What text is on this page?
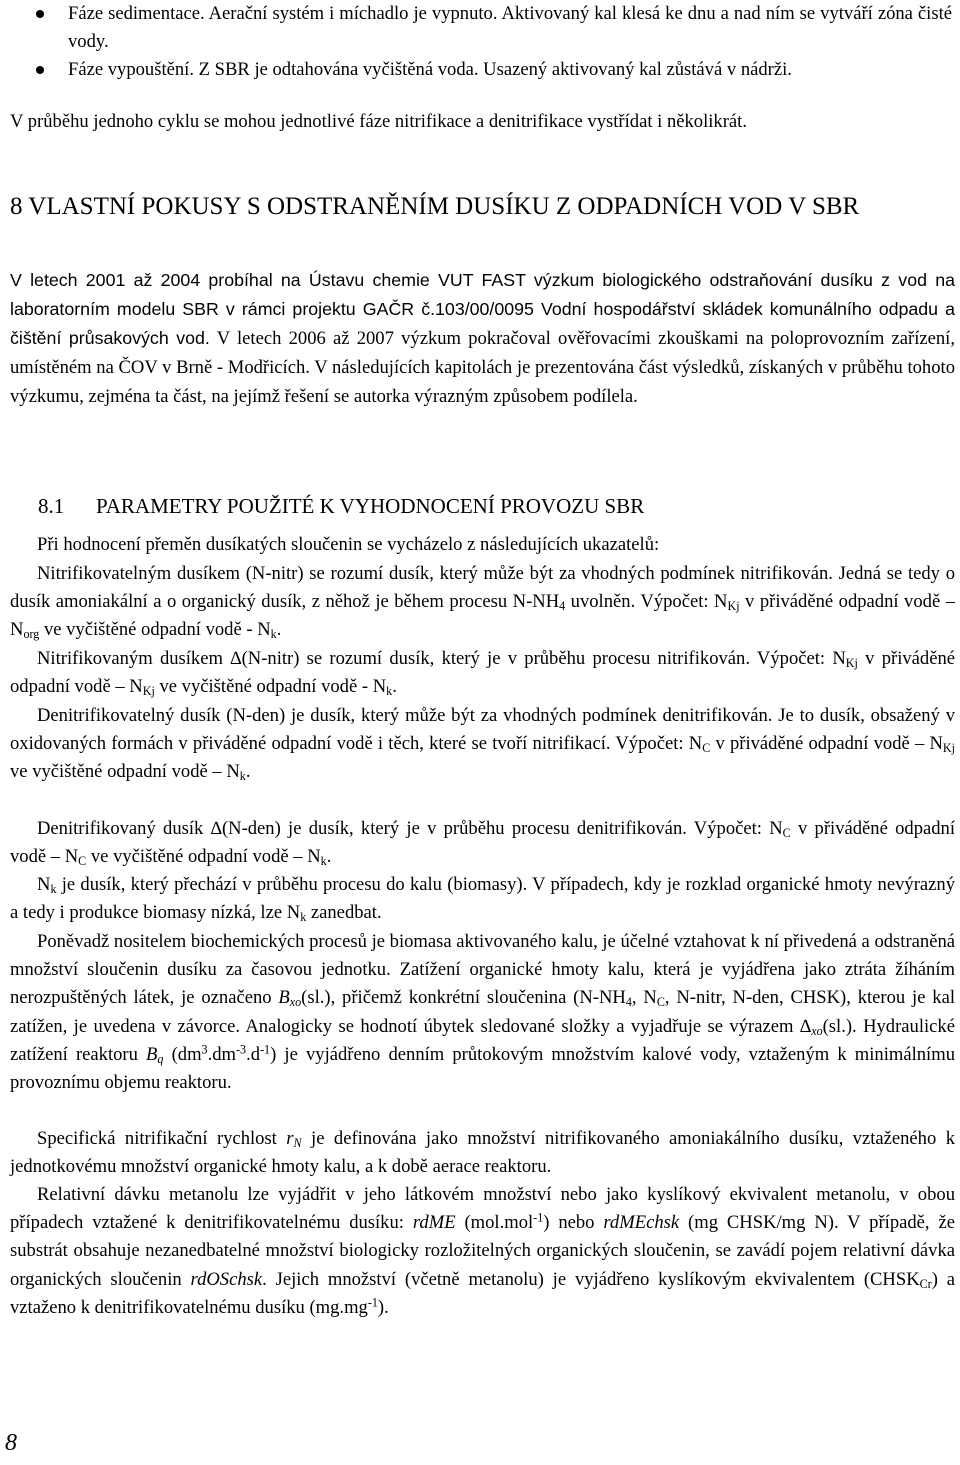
Fáze sedimentace. Aerační systém i míchadlo je vypnuto. Aktivovaný kal klesá ke dnu a nad ním se vytváří zóna čisté vody.
Fáze vypouštění. Z SBR je odtahována vyčištěná voda. Usazený aktivovaný kal zůstává v nádrži.

V průběhu jednoho cyklu se mohou jednotlivé fáze nitrifikace a denitrifikace vystřídat i několikrát.

8 VLASTNÍ POKUSY S ODSTRANĚNÍM DUSÍKU Z ODPADNÍCH VOD V SBR

V letech 2001 až 2004 probíhal na Ústavu chemie VUT FAST výzkum biologického odstraňování dusíku z vod na laboratorním modelu SBR v rámci projektu GAČR č.103/00/0095 Vodní hospodářství skládek komunálního odpadu a čištění průsakových vod. V letech 2006 až 2007 výzkum pokračoval ověřovacími zkouškami na poloprovozním zařízení, umístěném na ČOV v Brně - Modřicích. V následujících kapitolách je prezentována část výsledků, získaných v průběhu tohoto výzkumu, zejména ta část, na jejímž řešení se autorka výrazným způsobem podílela.

8.1 PARAMETRY POUŽITÉ K VYHODNOCENÍ PROVOZU SBR

Při hodnocení přeměn dusíkatých sloučenin se vycházelo z následujících ukazatelů:

Nitrifikovatelným dusíkem (N-nitr) se rozumí dusík, který může být za vhodných podmínek nitrifikován. Jedná se tedy o dusík amoniakální a o organický dusík, z něhož je během procesu $N-NH_4$ uvolněn. Výpočet: $N_{Kj}$ v přiváděné odpadní vodě – $N_{org}$ ve vyčištěné odpadní vodě - $N_k$.

Nitrifikovaným dusíkem ∆(N-nitr) se rozumí dusík, který je v průběhu procesu nitrifikován. Výpočet: $N_{Kj}$ v přiváděné odpadní vodě – $N_{Kj}$ ve vyčištěné odpadní vodě - $N_k$.

Denitrifikovatelný dusík (N-den) je dusík, který může být za vhodných podmínek denitrifikován. Je to dusík, obsažený v oxidovaných formách v přiváděné odpadní vodě i těch, které se tvoří nitrifikací. Výpočet: $N_C$ v přiváděné odpadní vodě – $N_{Kj}$ ve vyčištěné odpadní vodě – $N_k$.

Denitrifikovaný dusík ∆(N-den) je dusík, který je v průběhu procesu denitrifikován. Výpočet: $N_C$ v přiváděné odpadní vodě – $N_C$ ve vyčištěné odpadní vodě – $N_k$.

$N_k$ je dusík, který přechází v průběhu procesu do kalu (biomasy). V případech, kdy je rozklad organické hmoty nevýrazný a tedy i produkce biomasy nízká, lze $N_k$ zanedbat.

Poněvadž nositelem biochemických procesů je biomasa aktivovaného kalu, je účelné vztahovat k ní přivedená a odstraněná množství sloučenin dusíku za časovou jednotku. Zatížení organické hmoty kalu, která je vyjádřena jako ztráta žíháním nerozpuštěných látek, je označeno $B_{xo}(sl.)$, přičemž konkrétní sloučenina ($N-NH_4$, $N_C$, N-nitr, N-den, CHSK), kterou je kal zatížen, je uvedena v závorce. Analogicky se hodnotí úbytek sledované složky a vyjadřuje se výrazem $\Delta_{xo}(sl.)$. Hydraulické zatížení reaktoru $B_q$ $(dm^3.dm^{-3}.d^{-1})$ je vyjádřeno denním průtokovým množstvím kalové vody, vztaženým k minimálnímu provoznímu objemu reaktoru.

Specifická nitrifikační rychlost $r_N$ je definována jako množství nitrifikovaného amoniakálního dusíku, vztaženého k jednotkovému množství organické hmoty kalu, a k době aerace reaktoru.

Relativní dávku metanolu lze vyjádřit v jeho látkovém množství nebo jako kyslíkový ekvivalent metanolu, v obou případech vztažené k denitrifikovatelnému dusíku: rdME (mol.mol$^{-1}$) nebo rdMEchsk (mg CHSK/mg N). V případě, že substrát obsahuje nezanedbatelné množství biologicky rozložitelných organických sloučenin, se zavádí pojem relativní dávka organických sloučenin rdOSchsk. Jejich množství (včetně metanolu) je vyjádřeno kyslíkovým ekvivalentem $(CHSK_{Cr})$ a vztaženo k denitrifikovatelnému dusíku $(mg.mg^{-1})$.

8
